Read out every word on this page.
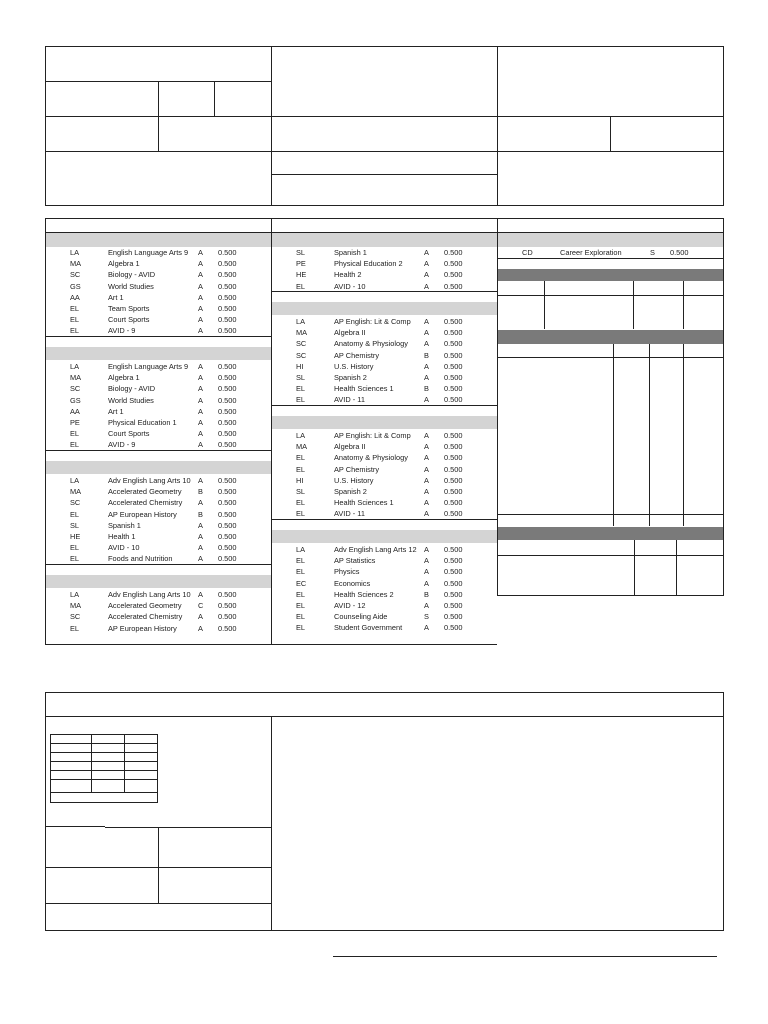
LA	English Language Arts 9 A 0.500
MA	Algebra 1	A 0.500
SC	Biology - AVID	A 0.500
GS	World Studies	A 0.500
AA	Art 1	A 0.500
EL	Team Sports	A 0.500
EL	Court Sports	A 0.500
EL	AVID - 9	A 0.500
LA	English Language Arts 9 A 0.500
MA	Algebra 1	A 0.500
SC	Biology - AVID	A 0.500
GS	World Studies	A 0.500
AA	Art 1	A 0.500
PE	Physical Education 1	A 0.500
EL	Court Sports	A 0.500
EL	AVID - 9	A 0.500
LA	Adv English Lang Arts 10 A 0.500
MA	Accelerated Geometry B 0.500
SC	Accelerated Chemistry A 0.500
EL	AP European History	B 0.500
SL	Spanish 1	A 0.500
HE	Health 1	A 0.500
EL	AVID - 10	A 0.500
EL	Foods and Nutrition	A 0.500
LA	Adv English Lang Arts 10 A 0.500
MA	Accelerated Geometry C 0.500
SC	Accelerated Chemistry A 0.500
EL	AP European History	A 0.500
SL	Spanish 1	A 0.500
PE	Physical Education 2	A 0.500
HE	Health 2	A 0.500
EL	AVID - 10	A 0.500
LA	AP English: Lit & Comp A 0.500
MA	Algebra II	A 0.500
SC	Anatomy & Physiology A 0.500
SC	AP Chemistry	B 0.500
HI	U.S. History	A 0.500
SL	Spanish 2	A 0.500
EL	Health Sciences 1	B 0.500
EL	AVID - 11	A 0.500
LA	AP English: Lit & Comp A 0.500
MA	Algebra II	A 0.500
EL	Anatomy & Physiology A 0.500
EL	AP Chemistry	A 0.500
HI	U.S. History	A 0.500
SL	Spanish 2	A 0.500
EL	Health Sciences 1	A 0.500
EL	AVID - 11	A 0.500
LA	Adv English Lang Arts 12 A 0.500
EL	AP Statistics	A 0.500
EL	Physics	A 0.500
EC	Economics	A 0.500
EL	Health Sciences 2	B 0.500
EL	AVID - 12	A 0.500
EL	Counseling Aide	S 0.500
EL	Student Government	A 0.500
CD	Career Exploration	S 0.500
